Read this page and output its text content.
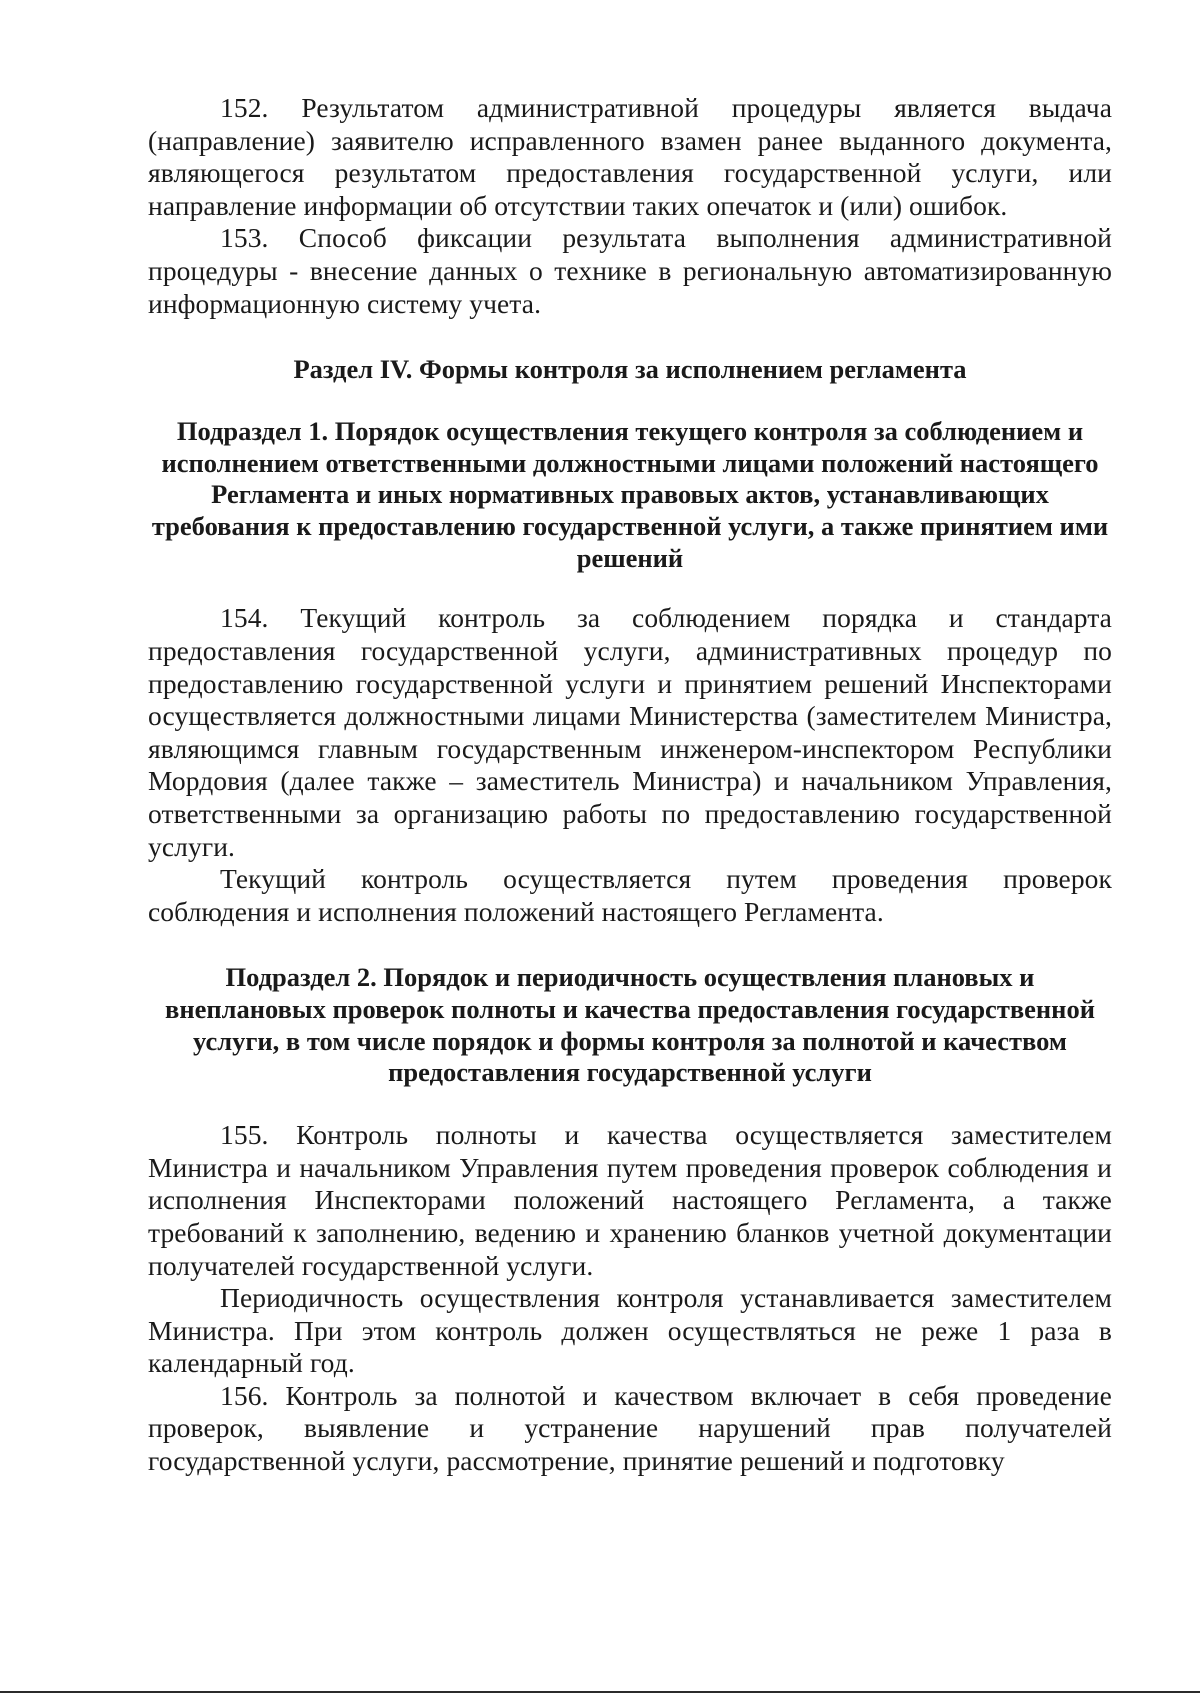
152. Результатом административной процедуры является выдача (направление) заявителю исправленного взамен ранее выданного документа, являющегося результатом предоставления государственной услуги, или направление информации об отсутствии таких опечаток и (или) ошибок.

153. Способ фиксации результата выполнения административной процедуры - внесение данных о технике в региональную автоматизированную информационную систему учета.

Раздел IV. Формы контроля за исполнением регламента
Подраздел 1. Порядок осуществления текущего контроля за соблюдением и исполнением ответственными должностными лицами положений настоящего Регламента и иных нормативных правовых актов, устанавливающих требования к предоставлению государственной услуги, а также принятием ими решений

154. Текущий контроль за соблюдением порядка и стандарта предоставления государственной услуги, административных процедур по предоставлению государственной услуги и принятием решений Инспекторами осуществляется должностными лицами Министерства (заместителем Министра, являющимся главным государственным инженером-инспектором Республики Мордовия (далее также – заместитель Министра) и начальником Управления, ответственными за организацию работы по предоставлению государственной услуги.

Текущий контроль осуществляется путем проведения проверок соблюдения и исполнения положений настоящего Регламента.

Подраздел 2. Порядок и периодичность осуществления плановых и внеплановых проверок полноты и качества предоставления государственной услуги, в том числе порядок и формы контроля за полнотой и качеством предоставления государственной услуги

155. Контроль полноты и качества осуществляется заместителем Министра и начальником Управления путем проведения проверок соблюдения и исполнения Инспекторами положений настоящего Регламента, а также требований к заполнению, ведению и хранению бланков учетной документации получателей государственной услуги.

Периодичность осуществления контроля устанавливается заместителем Министра. При этом контроль должен осуществляться не реже 1 раза в календарный год.

156. Контроль за полнотой и качеством включает в себя проведение проверок, выявление и устранение нарушений прав получателей государственной услуги, рассмотрение, принятие решений и подготовку
